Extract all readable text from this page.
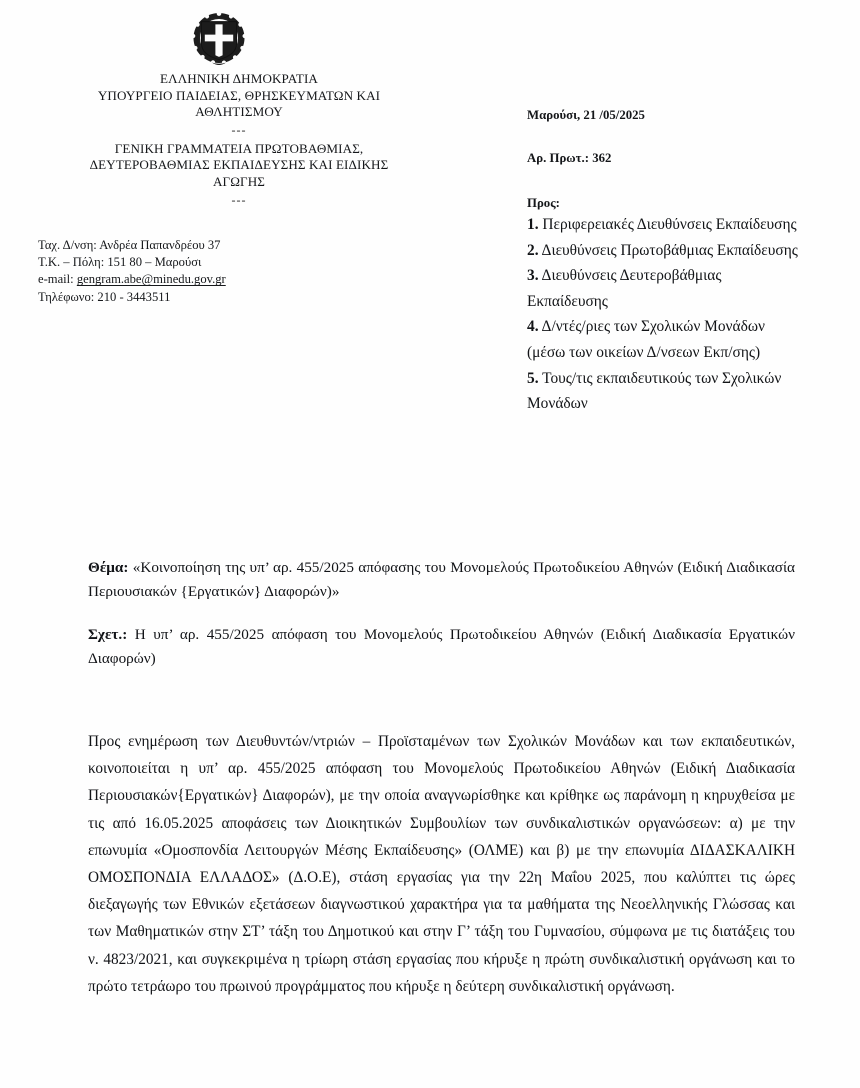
ΕΛΛΗΝΙΚΗ ΔΗΜΟΚΡΑΤΙΑ
ΥΠΟΥΡΓΕΙΟ ΠΑΙΔΕΙΑΣ, ΘΡΗΣΚΕΥΜΑΤΩΝ ΚΑΙ
ΑΘΛΗΤΙΣΜΟΥ
---
ΓΕΝΙΚΗ ΓΡΑΜΜΑΤΕΙΑ ΠΡΩΤΟΒΑΘΜΙΑΣ,
ΔΕΥΤΕΡΟΒΑΘΜΙΑΣ ΕΚΠΑΙΔΕΥΣΗΣ ΚΑΙ ΕΙΔΙΚΗΣ
ΑΓΩΓΗΣ
---
Ταχ. Δ/νση: Ανδρέα Παπανδρέου 37
Τ.Κ. – Πόλη: 151 80 – Μαρούσι
e-mail: gengram.abe@minedu.gov.gr
Τηλέφωνο: 210 - 3443511
Μαρούσι, 21 /05/2025
Αρ. Πρωτ.: 362
Προς:
1. Περιφερειακές Διευθύνσεις Εκπαίδευσης
2. Διευθύνσεις Πρωτοβάθμιας Εκπαίδευσης
3. Διευθύνσεις Δευτεροβάθμιας Εκπαίδευσης
4. Δ/ντές/ριες των Σχολικών Μονάδων (μέσω των οικείων Δ/νσεων Εκπ/σης)
5. Τους/τις εκπαιδευτικούς των Σχολικών Μονάδων
Θέμα: «Κοινοποίηση της υπ’ αρ. 455/2025 απόφασης του Μονομελούς Πρωτοδικείου Αθηνών (Ειδική Διαδικασία Περιουσιακών {Εργατικών} Διαφορών)»
Σχετ.: Η υπ’ αρ. 455/2025 απόφαση του Μονομελούς Πρωτοδικείου Αθηνών (Ειδική Διαδικασία Εργατικών Διαφορών)
Προς ενημέρωση των Διευθυντών/ντριών – Προϊσταμένων των Σχολικών Μονάδων και των εκπαιδευτικών, κοινοποιείται η υπ’ αρ. 455/2025 απόφαση του Μονομελούς Πρωτοδικείου Αθηνών (Ειδική Διαδικασία Περιουσιακών{Εργατικών} Διαφορών), με την οποία αναγνωρίσθηκε και κρίθηκε ως παράνομη η κηρυχθείσα με τις από 16.05.2025 αποφάσεις των Διοικητικών Συμβουλίων των συνδικαλιστικών οργανώσεων: α) με την επωνυμία «Ομοσπονδία Λειτουργών Μέσης Εκπαίδευσης» (ΟΛΜΕ) και β) με την επωνυμία ΔΙΔΑΣΚΑΛΙΚΗ ΟΜΟΣΠΟΝΔΙΑ ΕΛΛΑΔΟΣ» (Δ.Ο.Ε), στάση εργασίας για την 22η Μαΐου 2025, που καλύπτει τις ώρες διεξαγωγής των Εθνικών εξετάσεων διαγνωστικού χαρακτήρα για τα μαθήματα της Νεοελληνικής Γλώσσας και των Μαθηματικών στην ΣΤ’ τάξη του Δημοτικού και στην Γ’ τάξη του Γυμνασίου, σύμφωνα με τις διατάξεις του ν. 4823/2021, και συγκεκριμένα η τρίωρη στάση εργασίας που κήρυξε η πρώτη συνδικαλιστική οργάνωση και το πρώτο τετράωρο του πρωινού προγράμματος που κήρυξε η δεύτερη συνδικαλιστική οργάνωση.
